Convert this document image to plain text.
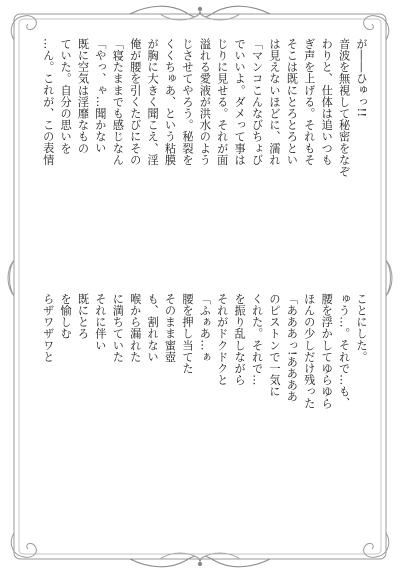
が――ひゅっ!!

音波を無視して秘密をなぞ

わりと、仕体は追いつも

ぎ声を上げる。それもそ

そこは既にとろとろとい

は見えないほどに、濡れ

「マンコこんなびちょび

でいいよ。ダメって事は

じりに見せる。それが面

溢れる愛液が洪水のよう

じさせてやろう。秘裂を

くくちゅあ、という粘膜

が胸に大きく聞こえ、淫

俺が腰を引くたびにその

「寝たままでも感じなん

「やっ、ゃ…聞かない

既に空気は淫靡なもの

ていた。自分の思いを

…ん。これが、この表情

ことにした。

ゅう…。それで…も、

腰を浮かしてゆらゆら

ほんの少しだけ残った

「あああっ!ああああ

のピストンで一気に

くれた。それで…

を振り乱しながら

それがドクドクと

「ふぁあ…ぁ

腰を押し当てた

そのまま蜜壺

も、割れない

喉から漏れた

に満ちていた

それに伴い

既にとろ

を愉しむ

らザワザワと
